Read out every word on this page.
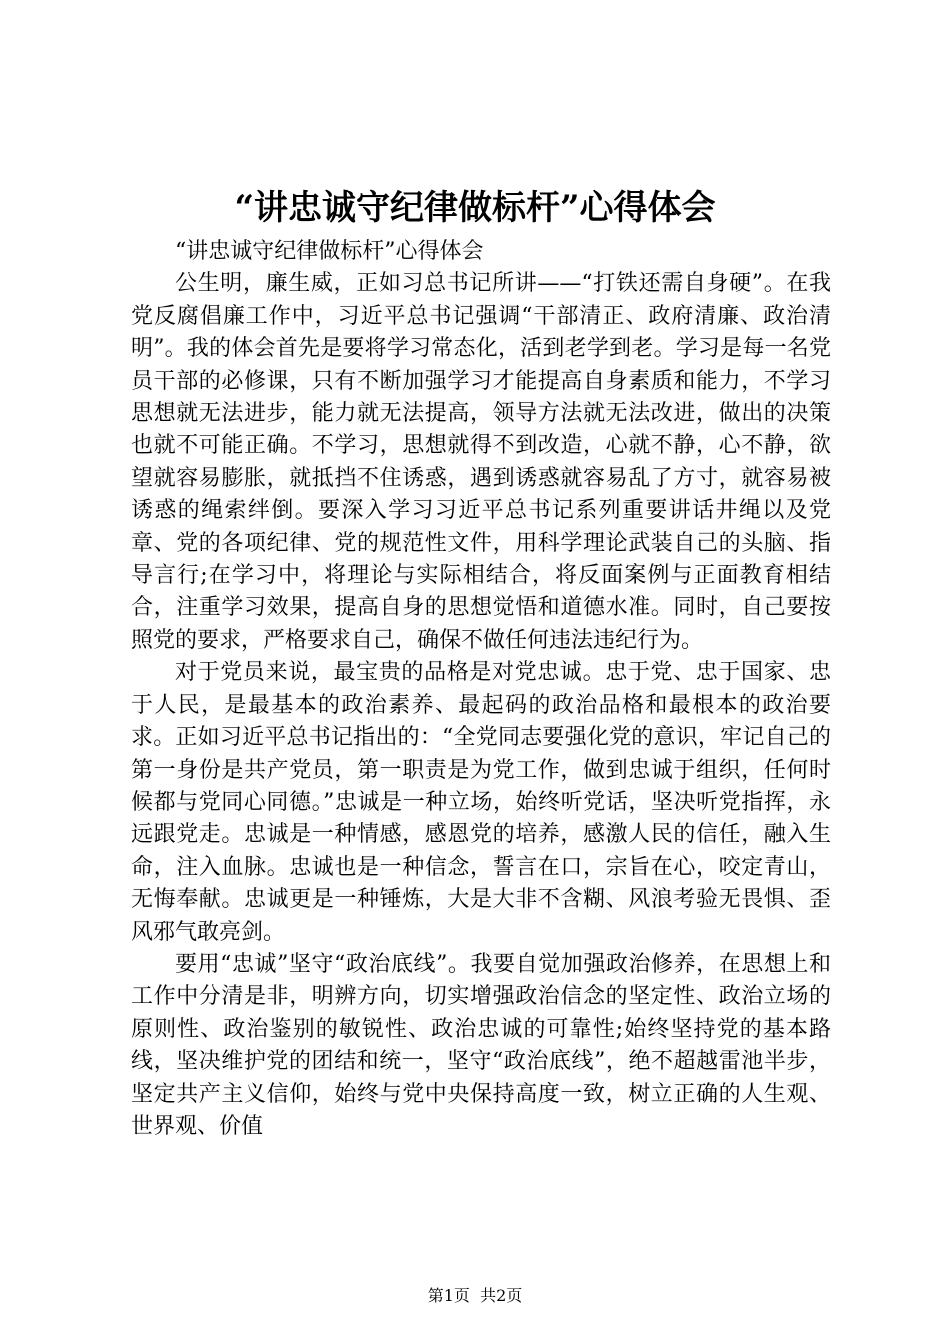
“讲忠诚守纪律做标杆”心得体会

“讲忠诚守纪律做标杆”心得体会

公生明，廉生威，正如习总书记所讲——“打铁还需自身硬”。在我党反腐倡廉工作中，习近平总书记强调“干部清正、政府清廉、政治清明”。我的体会首先是要将学习常态化，活到老学到老。学习是每一名党员干部的必修课，只有不断加强学习才能提高自身素质和能力，不学习思想就无法进步，能力就无法提高，领导方法就无法改进，做出的决策也就不可能正确。不学习，思想就得不到改造，心就不静，心不静，欲望就容易膨胀，就抵挡不住诱惑，遇到诱惑就容易乱了方寸，就容易被诱惑的绳索绊倒。要深入学习习近平总书记系列重要讲话井绳以及党章、党的各项纪律、党的规范性文件，用科学理论武装自己的头脑、指导言行;在学习中，将理论与实际相结合，将反面案例与正面教育相结合，注重学习效果，提高自身的思想觉悟和道德水准。同时，自己要按照党的要求，严格要求自己，确保不做任何违法违纪行为。

对于党员来说，最宝贵的品格是对党忠诚。忠于党、忠于国家、忠于人民，是最基本的政治素养、最起码的政治品格和最根本的政治要求。正如习近平总书记指出的：“全党同志要强化党的意识，牢记自己的第一身份是共产党员，第一职责是为党工作，做到忠诚于组织，任何时候都与党同心同德。”忠诚是一种立场，始终听党话，坚决听党指挥，永远跟党走。忠诚是一种情感，感恩党的培养，感激人民的信任，融入生命，注入血脉。忠诚也是一种信念，誓言在口，宗旨在心，咬定青山，无悔奉献。忠诚更是一种锤炼，大是大非不含糊、风浪考验无畏惧、歪风邪气敢亮剑。

要用“忠诚”坚守“政治底线”。我要自觉加强政治修养，在思想上和工作中分清是非，明辨方向，切实增强政治信念的坚定性、政治立场的原则性、政治鉴别的敏锐性、政治忠诚的可靠性;始终坚持党的基本路线，坚决维护党的团结和统一，坚守“政治底线”，绝不超越雷池半步，坚定共产主义信仰，始终与党中央保持高度一致，树立正确的人生观、世界观、价值

第1页 共2页
